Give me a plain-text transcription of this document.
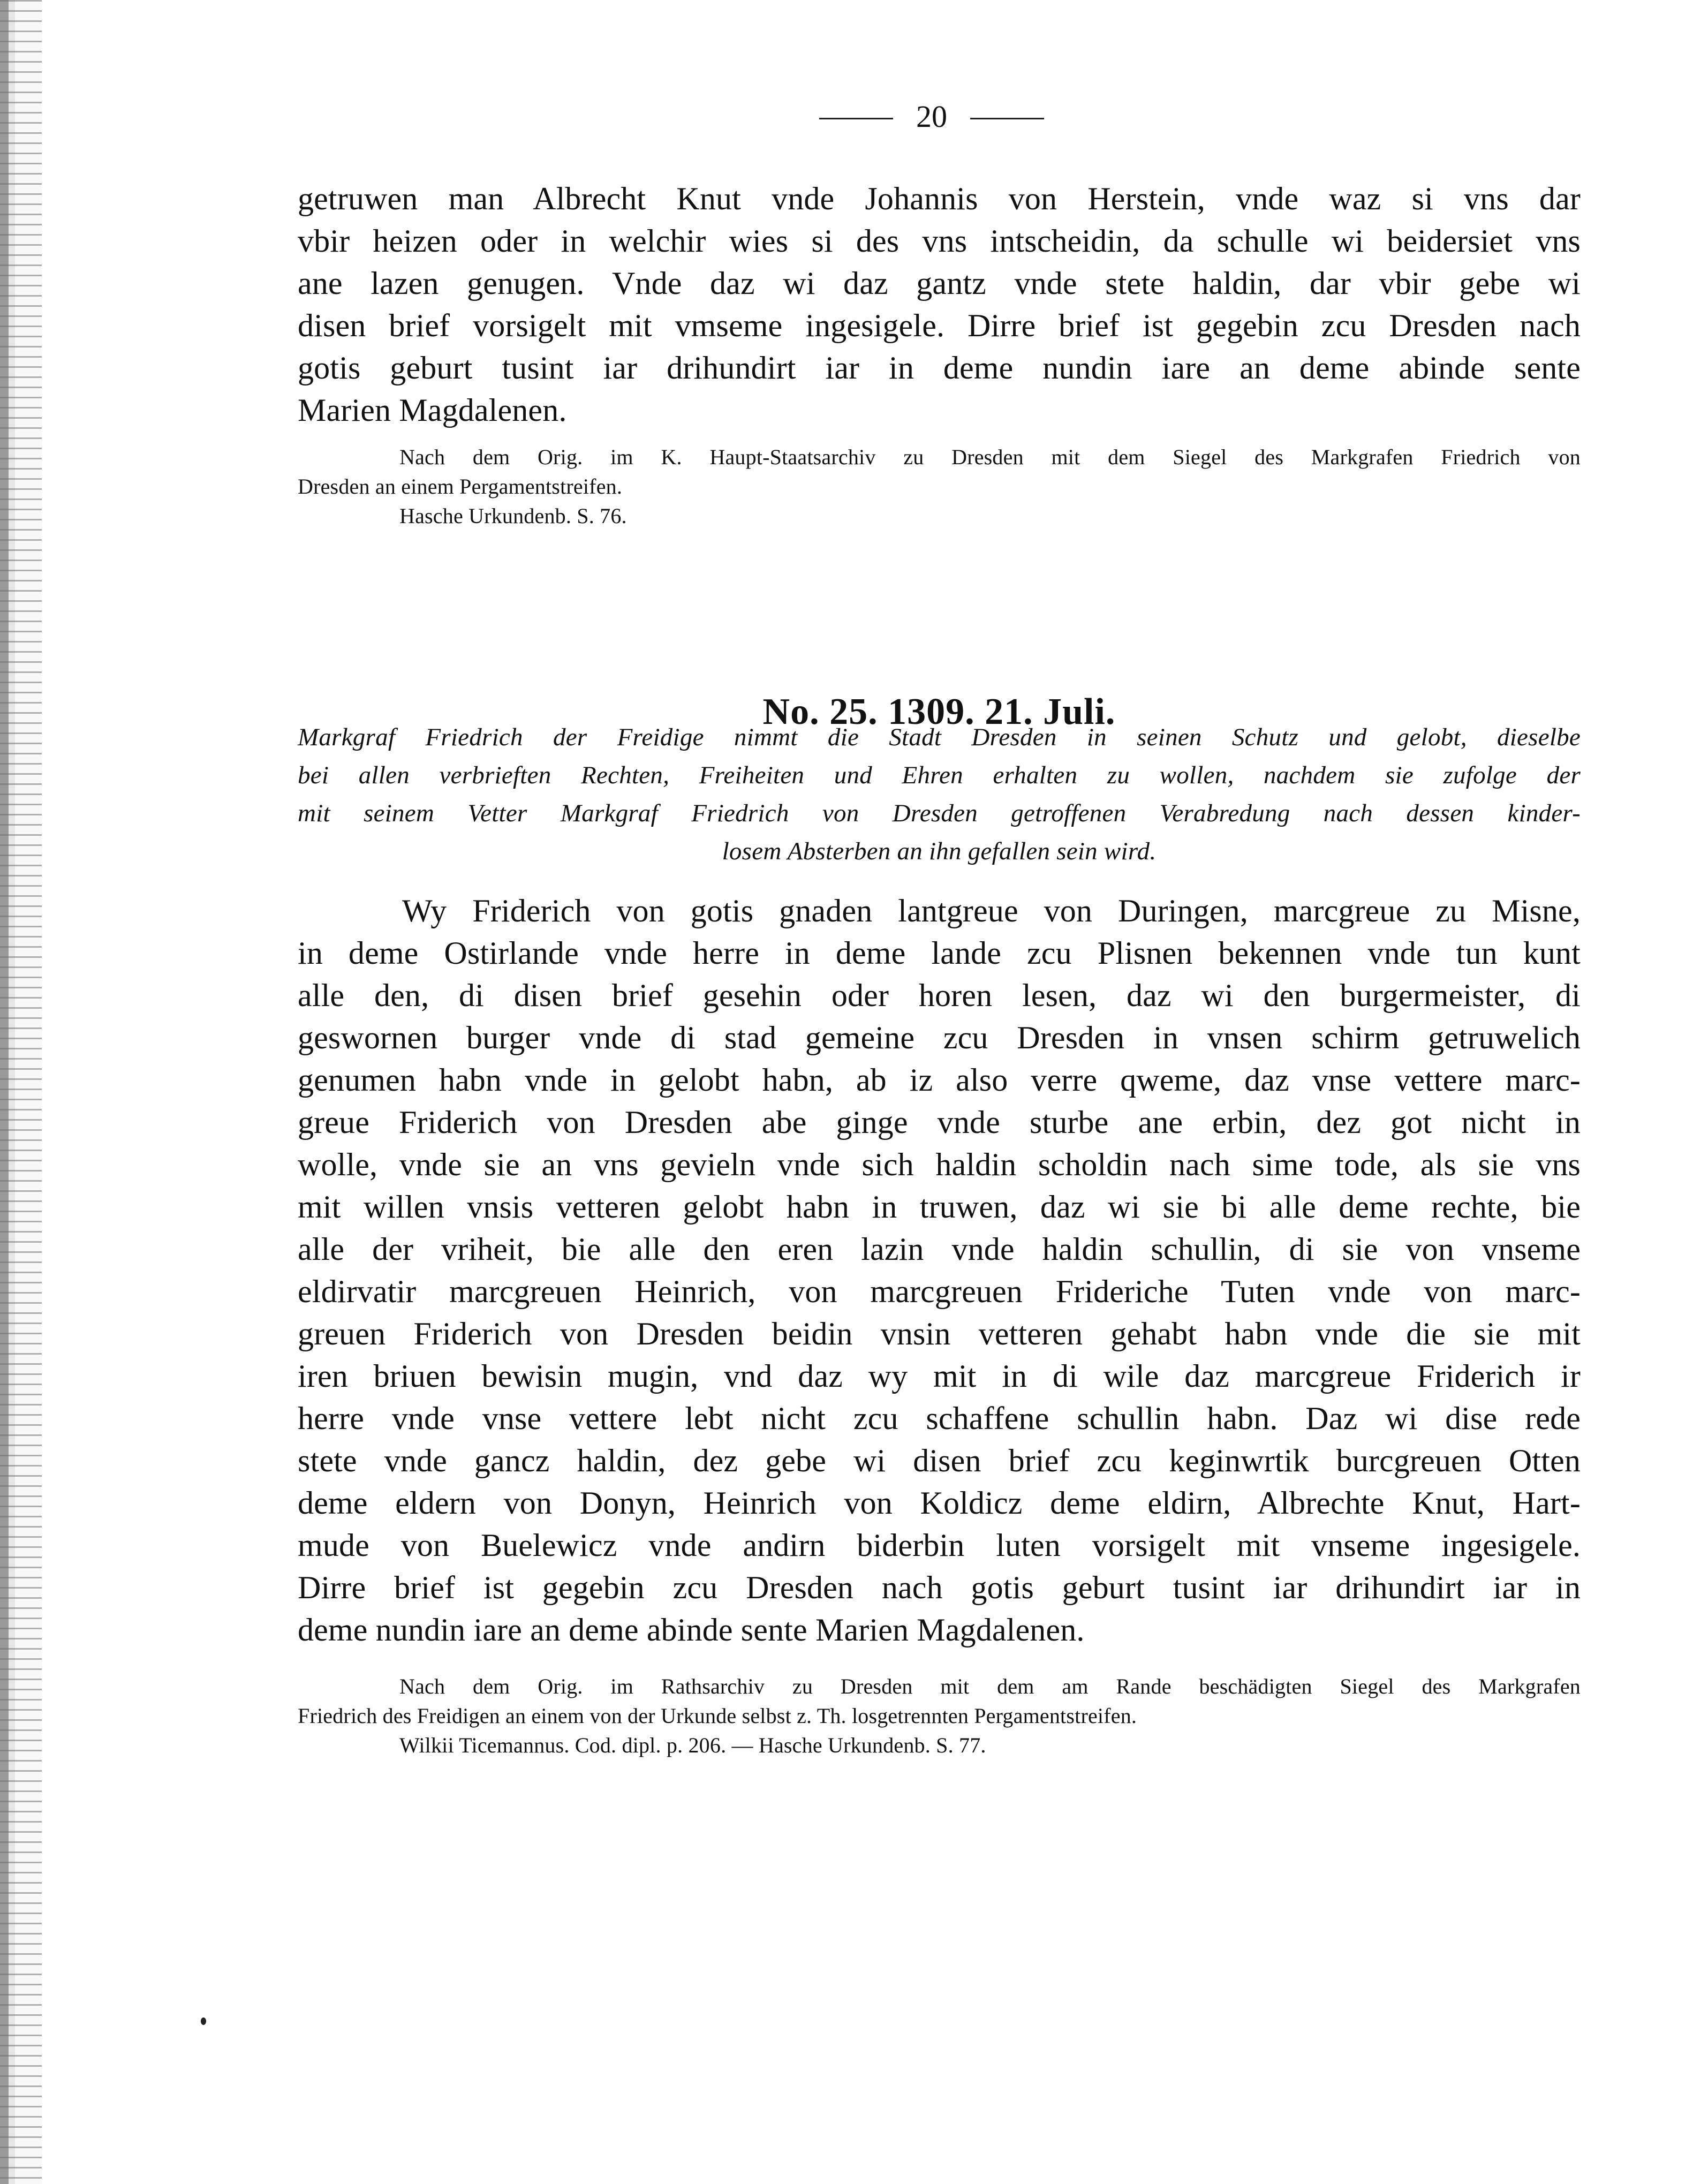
20
getruwen man Albrecht Knut vnde Johannis von Herstein, vnde waz si vns dar
vbir heizen oder in welchir wies si des vns intscheidin, da schulle wi beidersiet vns
ane lazen genugen. Vnde daz wi daz gantz vnde stete haldin, dar vbir gebe wi
disen brief vorsigelt mit vmseme ingesigele. Dirre brief ist gegebin zcu Dresden nach
gotis geburt tusint iar drihundirt iar in deme nundin iare an deme abinde sente
Marien Magdalenen.
Nach dem Orig. im K. Haupt-Staatsarchiv zu Dresden mit dem Siegel des Markgrafen Friedrich von
Dresden an einem Pergamentstreifen.
Hasche Urkundenb. S. 76.
No. 25. 1309. 21. Juli.
Markgraf Friedrich der Freidige nimmt die Stadt Dresden in seinen Schutz und gelobt, dieselbe
bei allen verbrieften Rechten, Freiheiten und Ehren erhalten zu wollen, nachdem sie zufolge der
mit seinem Vetter Markgraf Friedrich von Dresden getroffenen Verabredung nach dessen kinder-
losem Absterben an ihn gefallen sein wird.
Wy Friderich von gotis gnaden lantgreue von Duringen, marcgreue zu Misne,
in deme Ostirlande vnde herre in deme lande zcu Plisnen bekennen vnde tun kunt
alle den, di disen brief gesehin oder horen lesen, daz wi den burgermeister, di
geswornen burger vnde di stad gemeine zcu Dresden in vnsen schirm getruwelich
genumen habn vnde in gelobt habn, ab iz also verre qweme, daz vnse vettere marc-
greue Friderich von Dresden abe ginge vnde sturbe ane erbin, dez got nicht in
wolle, vnde sie an vns gevieln vnde sich haldin scholdin nach sime tode, als sie vns
mit willen vnsis vetteren gelobt habn in truwen, daz wi sie bi alle deme rechte, bie
alle der vriheit, bie alle den eren lazin vnde haldin schullin, di sie von vnseme
eldirvatir marcgreuen Heinrich, von marcgreuen Frideriche Tuten vnde von marc-
greuen Friderich von Dresden beidin vnsin vetteren gehabt habn vnde die sie mit
iren briuen bewisin mugin, vnd daz wy mit in di wile daz marcgreue Friderich ir
herre vnde vnse vettere lebt nicht zcu schaffene schullin habn. Daz wi dise rede
stete vnde gancz haldin, dez gebe wi disen brief zcu keginwrtik burcgreuen Otten
deme eldern von Donyn, Heinrich von Koldicz deme eldirn, Albrechte Knut, Hart-
mude von Buelewicz vnde andirn biderbin luten vorsigelt mit vnseme ingesigele.
Dirre brief ist gegebin zcu Dresden nach gotis geburt tusint iar drihundirt iar in
deme nundin iare an deme abinde sente Marien Magdalenen.
Nach dem Orig. im Rathsarchiv zu Dresden mit dem am Rande beschädigten Siegel des Markgrafen
Friedrich des Freidigen an einem von der Urkunde selbst z. Th. losgetrennten Pergamentstreifen.
Wilkii Ticemannus. Cod. dipl. p. 206. — Hasche Urkundenb. S. 77.
